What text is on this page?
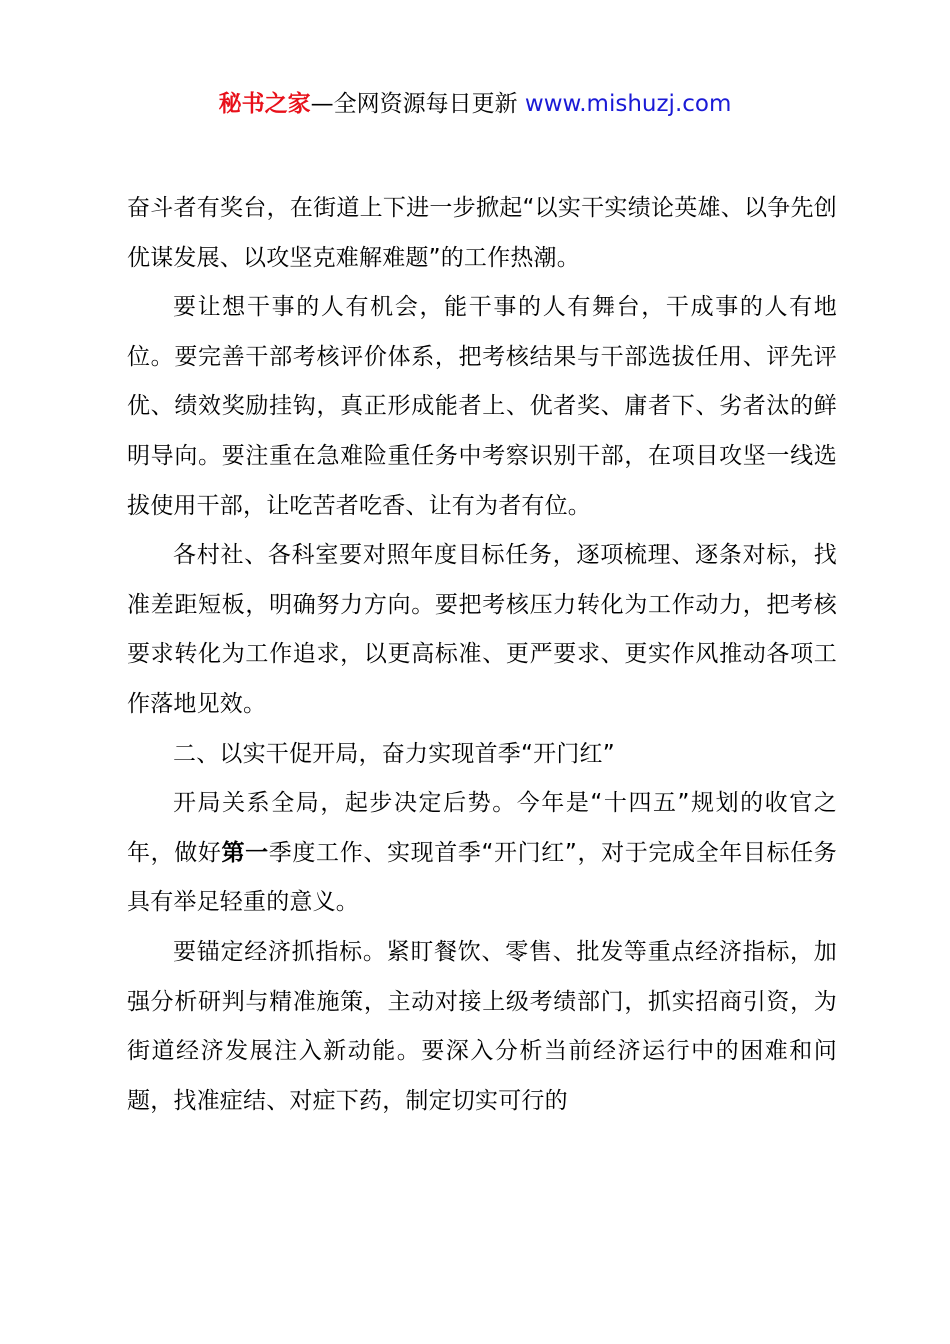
秘书之家—全网资源每日更新 www.mishuzj.com

奋斗者有奖台，在街道上下进一步掀起“以实干实绩论英雄、以争先创优谋发展、以攻坚克难解难题”的工作热潮。

要让想干事的人有机会，能干事的人有舞台，干成事的人有地位。要完善干部考核评价体系，把考核结果与干部选拔任用、评先评优、绩效奖励挂钩，真正形成能者上、优者奖、庸者下、劣者汰的鲜明导向。要注重在急难险重任务中考察识别干部，在项目攻坚一线选拔使用干部，让吃苦者吃香、让有为者有位。

各村社、各科室要对照年度目标任务，逐项梳理、逐条对标，找准差距短板，明确努力方向。要把考核压力转化为工作动力，把考核要求转化为工作追求，以更高标准、更严要求、更实作风推动各项工作落地见效。

二、以实干促开局，奋力实现首季“开门红”

开局关系全局，起步决定后势。今年是“十四五”规划的收官之年，做好第一季度工作、实现首季“开门红”，对于完成全年目标任务具有举足轻重的意义。

要锚定经济抓指标。紧盯餐饮、零售、批发等重点经济指标，加强分析研判与精准施策，主动对接上级考绩部门，抓实招商引资，为街道经济发展注入新动能。要深入分析当前经济运行中的困难和问题，找准症结、对症下药，制定切实可行的
